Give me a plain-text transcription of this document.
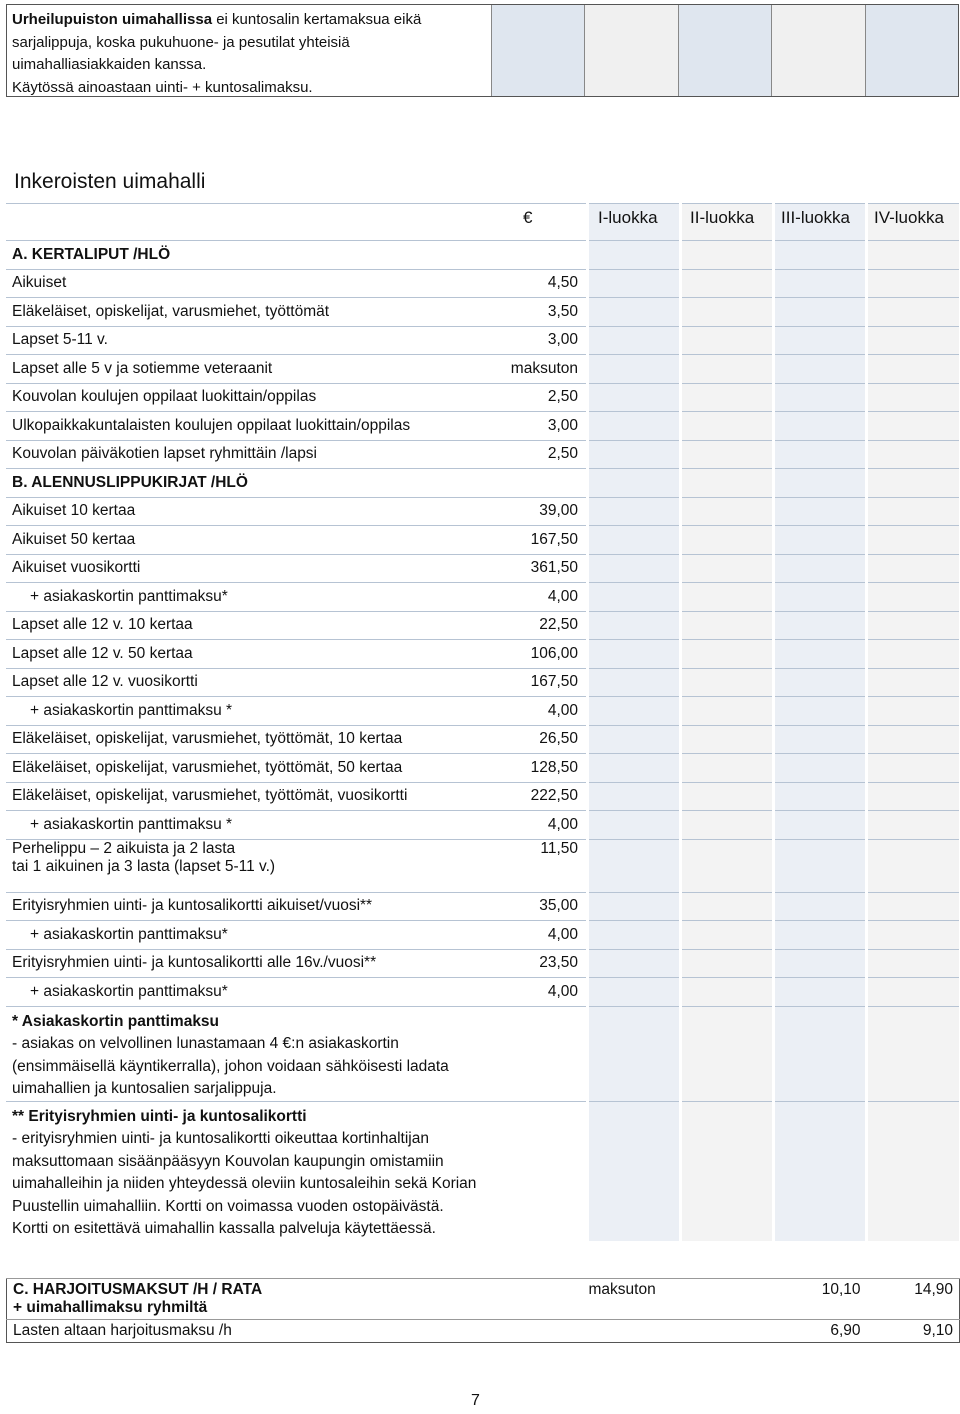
Urheilupuiston uimahallissa ei kuntosalin kertamaksua eikä sarjalippuja, koska pukuhuone- ja pesutilat yhteisiä uimahalliasiakkaiden kanssa.
Käytössä ainoastaan uinti- + kuntosalimaksu.
Inkeroisten uimahalli

A. KERTALIPUT /HLÖ					
Aikuiset	4,50				
Eläkeläiset, opiskelijat, varusmiehet, työttömät	3,50				
Lapset 5-11 v.	3,00				
Lapset alle 5 v ja sotiemme veteraanit	maksuton				
Kouvolan koulujen oppilaat luokittain/oppilas	2,50				
Ulkopaikkakuntalaisten koulujen oppilaat luokittain/oppilas	3,00				
Kouvolan päiväkotien lapset ryhmittäin /lapsi	2,50				
B. ALENNUSLIPPUKIRJAT /HLÖ					
Aikuiset 10 kertaa	39,00				
Aikuiset 50 kertaa	167,50				
Aikuiset vuosikortti	361,50				
+ asiakaskortin panttimaksu*	4,00				
Lapset alle 12 v. 10 kertaa	22,50				
Lapset alle 12 v. 50 kertaa	106,00				
Lapset alle 12 v. vuosikortti	167,50				
+ asiakaskortin panttimaksu *	4,00				
Eläkeläiset, opiskelijat, varusmiehet, työttömät, 10 kertaa	26,50				
Eläkeläiset, opiskelijat, varusmiehet, työttömät, 50 kertaa	128,50				
Eläkeläiset, opiskelijat, varusmiehet, työttömät, vuosikortti	222,50				
+ asiakaskortin panttimaksu *	4,00				
Perhelippu – 2 aikuista ja 2 lasta
tai 1 aikuinen ja 3 lasta (lapset 5-11 v.)	11,50				
Erityisryhmien uinti- ja kuntosalikortti aikuiset/vuosi**	35,00				
+ asiakaskortin panttimaksu*	4,00				
Erityisryhmien uinti- ja kuntosalikortti alle 16v./vuosi**	23,50				
+ asiakaskortin panttimaksu*	4,00				
* Asiakaskortin panttimaksu
- asiakas on velvollinen lunastamaan 4 €:n asiakaskortin (ensimmäisellä käyntikerralla), johon voidaan sähköisesti ladata uimahallien ja kuntosalien sarjalippuja.					
** Erityisryhmien uinti- ja kuntosalikortti
- erityisryhmien uinti- ja kuntosalikortti oikeuttaa kortinhaltijan maksuttomaan sisäänpääsyyn Kouvolan kaupungin omistamiin uimahalleihin ja niiden yhteydessä oleviin kuntosaleihin sekä Korian Puustellin uimahalliin. Kortti on voimassa vuoden ostopäivästä. Kortti on esitettävä uimahallin kassalla palveluja käytettäessä.					
€	I-luokka II-luokka III-luokka IV-luokka
C. HARJOITUSMAKSUT /H / RATA
+ uimahallimaksu ryhmiltä	maksuton		10,10	14,90
Lasten altaan harjoitusmaksu /h			6,90	9,10
7
